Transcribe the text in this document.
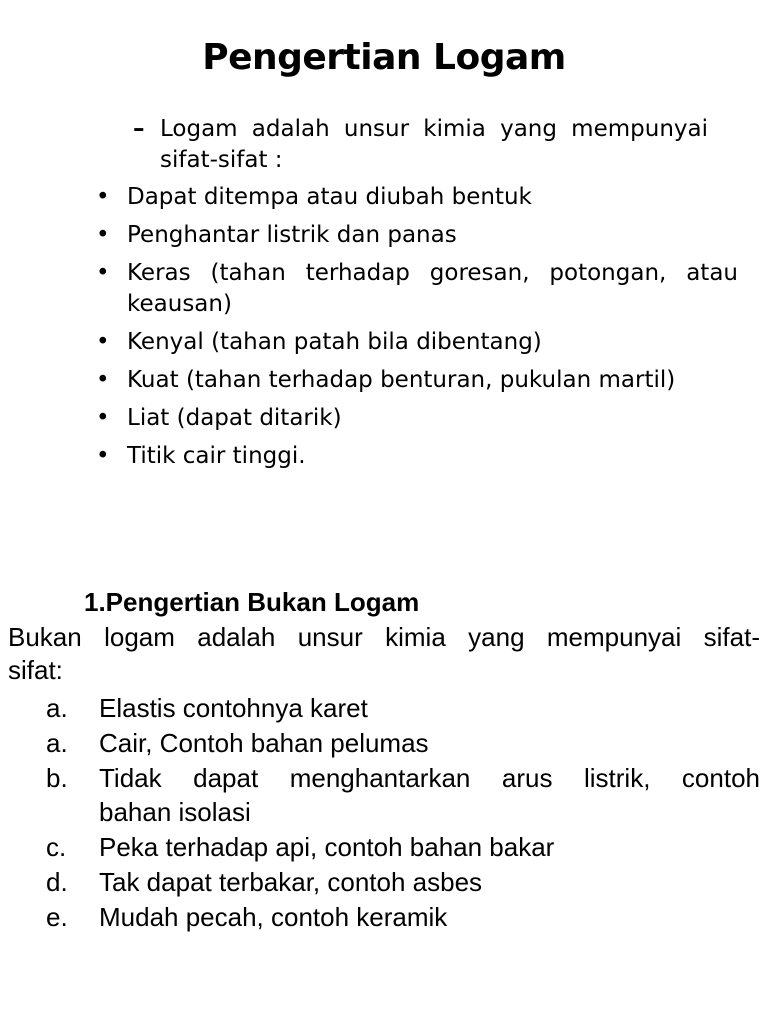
Pengertian Logam
– Logam adalah unsur kimia yang mempunyai
sifat-sifat :
• Dapat ditempa atau diubah bentuk
• Penghantar listrik dan panas
• Keras (tahan terhadap goresan, potongan, atau
keausan)
• Kenyal (tahan patah bila dibentang)
• Kuat (tahan terhadap benturan, pukulan martil)
• Liat (dapat ditarik)
• Titik cair tinggi.
1.Pengertian Bukan Logam
Bukan logam adalah unsur kimia yang mempunyai sifat-
sifat:
a. Elastis contohnya karet
a. Cair, Contoh bahan pelumas
b. Tidak dapat menghantarkan arus listrik, contoh
bahan isolasi
c. Peka terhadap api, contoh bahan bakar
d. Tak dapat terbakar, contoh asbes
e. Mudah pecah, contoh keramik
